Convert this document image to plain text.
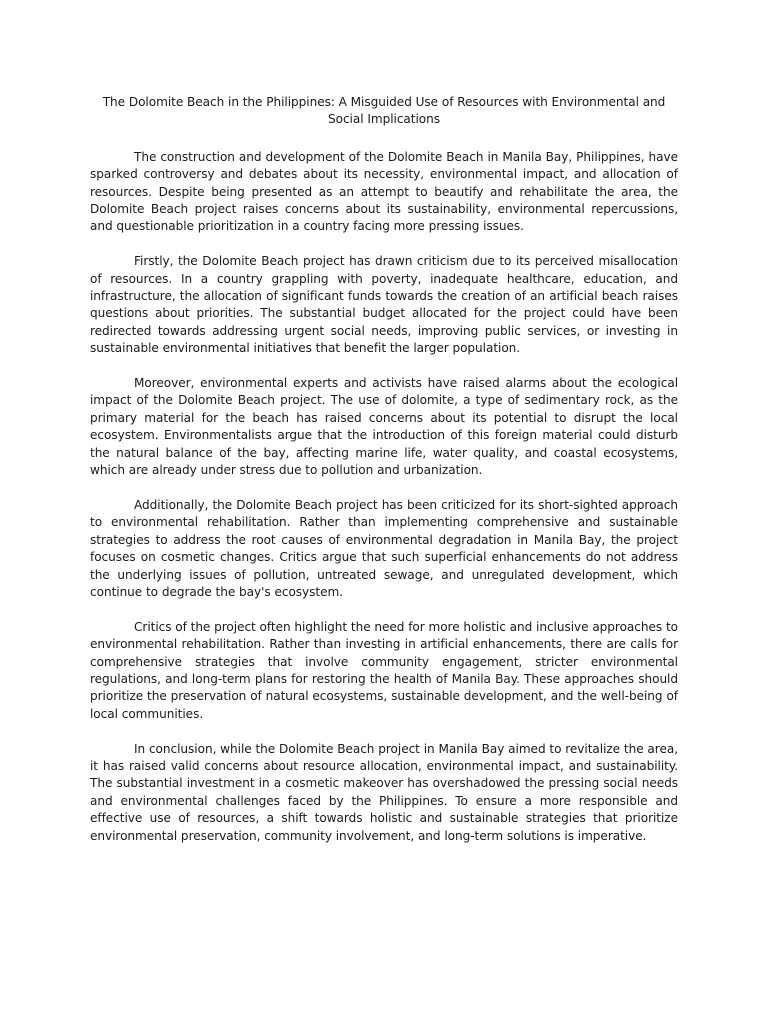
The Dolomite Beach in the Philippines: A Misguided Use of Resources with Environmental and Social Implications

The construction and development of the Dolomite Beach in Manila Bay, Philippines, have sparked controversy and debates about its necessity, environmental impact, and allocation of resources. Despite being presented as an attempt to beautify and rehabilitate the area, the Dolomite Beach project raises concerns about its sustainability, environmental repercussions, and questionable prioritization in a country facing more pressing issues.

Firstly, the Dolomite Beach project has drawn criticism due to its perceived misallocation of resources. In a country grappling with poverty, inadequate healthcare, education, and infrastructure, the allocation of significant funds towards the creation of an artificial beach raises questions about priorities. The substantial budget allocated for the project could have been redirected towards addressing urgent social needs, improving public services, or investing in sustainable environmental initiatives that benefit the larger population.

Moreover, environmental experts and activists have raised alarms about the ecological impact of the Dolomite Beach project. The use of dolomite, a type of sedimentary rock, as the primary material for the beach has raised concerns about its potential to disrupt the local ecosystem. Environmentalists argue that the introduction of this foreign material could disturb the natural balance of the bay, affecting marine life, water quality, and coastal ecosystems, which are already under stress due to pollution and urbanization.

Additionally, the Dolomite Beach project has been criticized for its short-sighted approach to environmental rehabilitation. Rather than implementing comprehensive and sustainable strategies to address the root causes of environmental degradation in Manila Bay, the project focuses on cosmetic changes. Critics argue that such superficial enhancements do not address the underlying issues of pollution, untreated sewage, and unregulated development, which continue to degrade the bay's ecosystem.

Critics of the project often highlight the need for more holistic and inclusive approaches to environmental rehabilitation. Rather than investing in artificial enhancements, there are calls for comprehensive strategies that involve community engagement, stricter environmental regulations, and long-term plans for restoring the health of Manila Bay. These approaches should prioritize the preservation of natural ecosystems, sustainable development, and the well-being of local communities.

In conclusion, while the Dolomite Beach project in Manila Bay aimed to revitalize the area, it has raised valid concerns about resource allocation, environmental impact, and sustainability. The substantial investment in a cosmetic makeover has overshadowed the pressing social needs and environmental challenges faced by the Philippines. To ensure a more responsible and effective use of resources, a shift towards holistic and sustainable strategies that prioritize environmental preservation, community involvement, and long-term solutions is imperative.
